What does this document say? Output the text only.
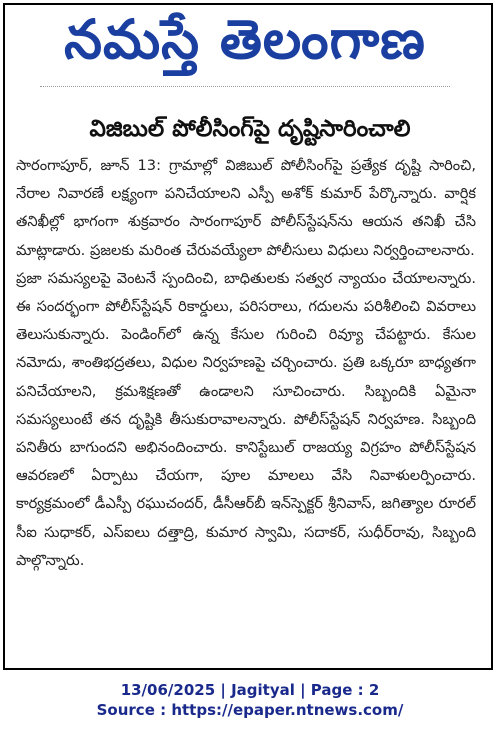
నమస్తే తెలంగాణ
విజిబుల్ పోలీసింగ్‌పై దృష్టిసారించాలి

సారంగాపూర్, జూన్ 13: గ్రామాల్లో విజిబుల్ పోలీసింగ్‌పై ప్రత్యేక దృష్టి సారించి, నేరాల నివారణే లక్ష్యంగా పనిచేయాలని ఎస్పీ అశోక్ కుమార్ పేర్కొన్నారు. వార్షిక తనిఖీల్లో భాగంగా శుక్రవారం సారంగాపూర్ పోలీస్‌స్టేషన్‌ను ఆయన తనిఖీ చేసి మాట్లాడారు. ప్రజలకు మరింత చేరువయ్యేలా పోలీసులు విధులు నిర్వర్తించాలనారు.

ప్రజా సమస్యలపై వెంటనే స్పందించి, బాధితులకు సత్వర న్యాయం చేయాలన్నారు. ఈ సందర్భంగా పోలీస్‌స్టేషన్ రికార్డులు, పరిసరాలు, గదులను పరిశీలించి వివరాలు తెలుసుకున్నారు. పెండింగ్‌లో ఉన్న కేసుల గురించి రివ్యూ చేపట్టారు. కేసుల నమోదు, శాంతిభద్రతలు, విధుల నిర్వహణపై చర్చించారు. ప్రతి ఒక్కరూ బాధ్యతగా పనిచేయాలని, క్రమశిక్షణతో ఉండాలని సూచించారు. సిబ్బందికి ఏమైనా సమస్యలుంటే తన దృష్టికి తీసుకురావాలన్నారు. పోలీస్‌స్టేషన్ నిర్వహణ. సిబ్బంది పనితీరు బాగుందని అభినందించారు. కానిస్టేబుల్ రాజయ్య విగ్రహం పోలీస్‌స్టేషన ఆవరణలో ఏర్పాటు చేయగా, పూల మాలలు వేసి నివాళులర్పించారు. కార్యక్రమంలో డీఎస్పీ రఘుచందర్, డీసీఆర్‌బీ ఇన్‌స్పెక్టర్ శ్రీనివాస్, జగిత్యాల రూరల్ సీఐ సుధాకర్, ఎస్‌ఐలు దత్తాద్రి, కుమార స్వామి, సదాకర్, సుధీర్‌రావు, సిబ్బంది పాల్గొన్నారు.

13/06/2025 | Jagityal | Page : 2
Source : https://epaper.ntnews.com/
